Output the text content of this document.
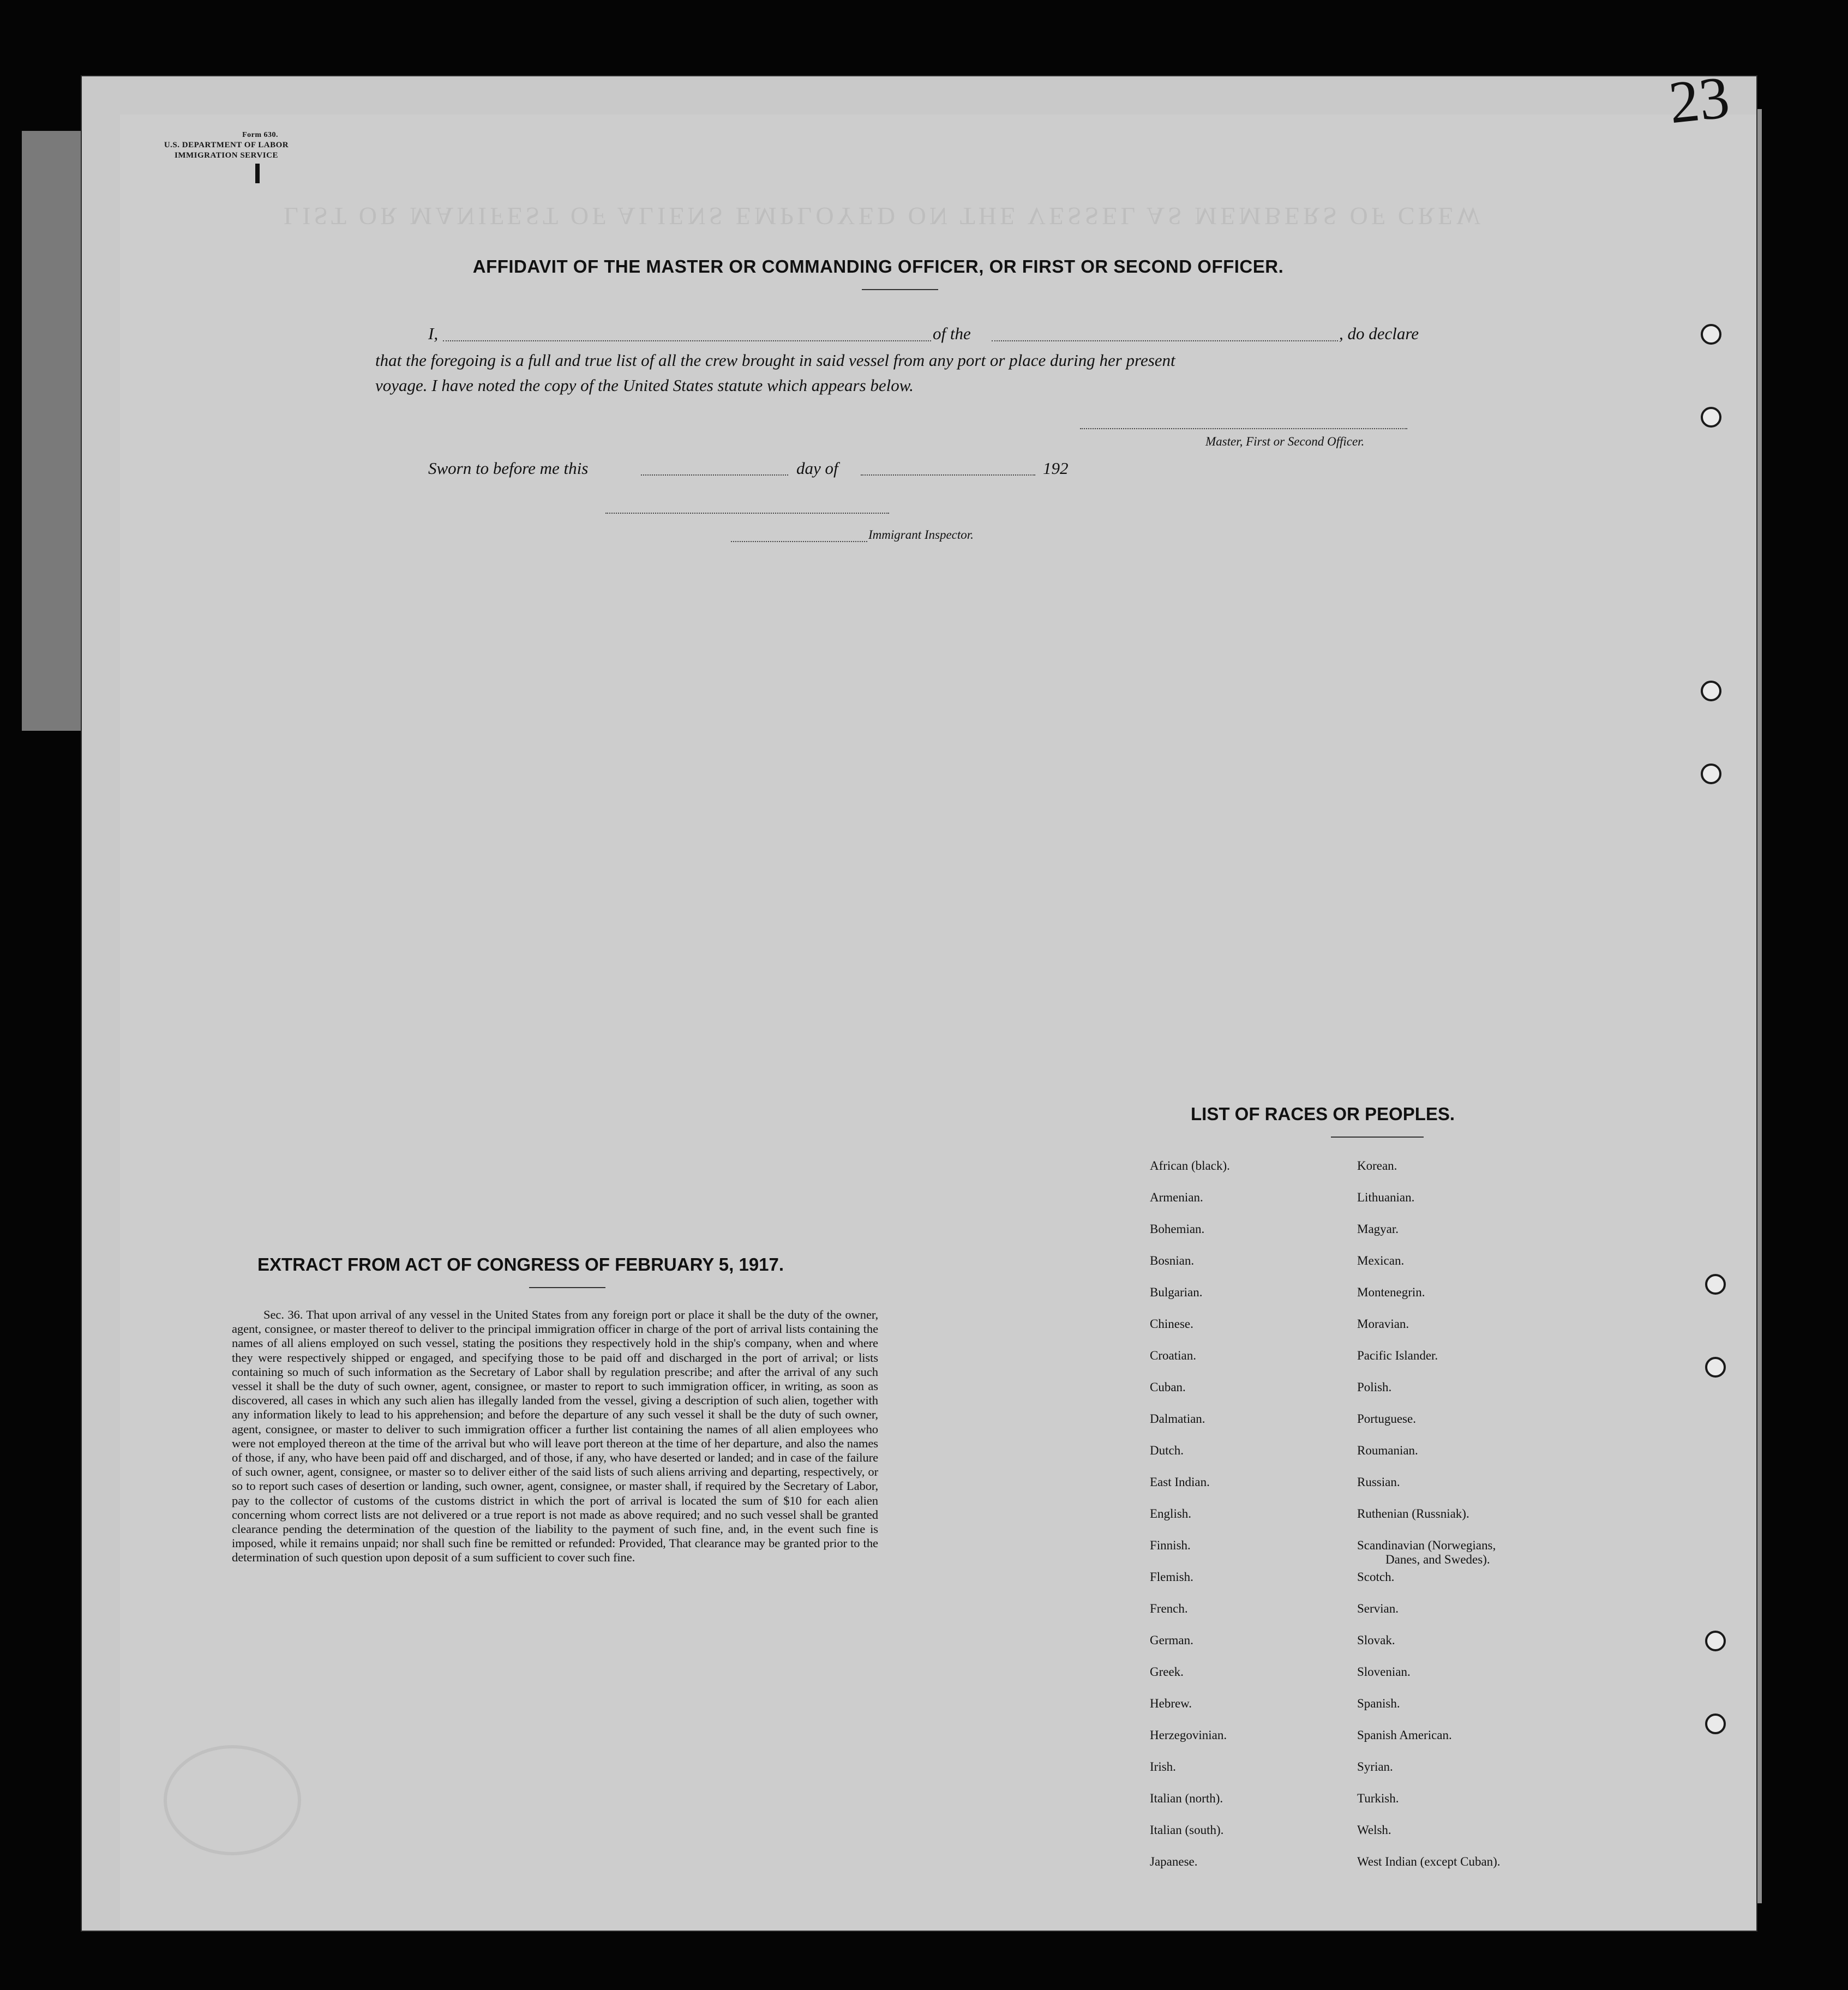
LIST OR MANIFEST OF ALIENS EMPLOYED ON THE VESSEL AS MEMBERS OF CREW
Form 630.
U.S. DEPARTMENT OF LABOR
IMMIGRATION SERVICE
23
AFFIDAVIT OF THE MASTER OR COMMANDING OFFICER, OR FIRST OR SECOND OFFICER.
I,	of the	, do declare
that the foregoing is a full and true list of all the crew brought in said vessel from any port or place during her present
voyage. I have noted the copy of the United States statute which appears below.
Master, First or Second Officer.
Sworn to before me this	day of	192
Immigrant Inspector.
EXTRACT FROM ACT OF CONGRESS OF FEBRUARY 5, 1917.
Sec. 36. That upon arrival of any vessel in the United States from any foreign port or place it shall be the duty of the owner, agent, consignee, or master thereof to deliver to the principal immigration officer in charge of the port of arrival lists containing the names of all aliens employed on such vessel, stating the positions they respectively hold in the ship's company, when and where they were respectively shipped or engaged, and specifying those to be paid off and discharged in the port of arrival; or lists containing so much of such information as the Secretary of Labor shall by regulation prescribe; and after the arrival of any such vessel it shall be the duty of such owner, agent, consignee, or master to report to such immigration officer, in writing, as soon as discovered, all cases in which any such alien has illegally landed from the vessel, giving a description of such alien, together with any information likely to lead to his apprehension; and before the departure of any such vessel it shall be the duty of such owner, agent, consignee, or master to deliver to such immigration officer a further list containing the names of all alien employees who were not employed thereon at the time of the arrival but who will leave port thereon at the time of her departure, and also the names of those, if any, who have been paid off and discharged, and of those, if any, who have deserted or landed; and in case of the failure of such owner, agent, consignee, or master so to deliver either of the said lists of such aliens arriving and departing, respectively, or so to report such cases of desertion or landing, such owner, agent, consignee, or master shall, if required by the Secretary of Labor, pay to the collector of customs of the customs district in which the port of arrival is located the sum of $10 for each alien concerning whom correct lists are not delivered or a true report is not made as above required; and no such vessel shall be granted clearance pending the determination of the question of the liability to the payment of such fine, and, in the event such fine is imposed, while it remains unpaid; nor shall such fine be remitted or refunded: Provided, That clearance may be granted prior to the determination of such question upon deposit of a sum sufficient to cover such fine.
LIST OF RACES OR PEOPLES.
African (black).
Armenian.
Bohemian.
Bosnian.
Bulgarian.
Chinese.
Croatian.
Cuban.
Dalmatian.
Dutch.
East Indian.
English.
Finnish.
Flemish.
French.
German.
Greek.
Hebrew.
Herzegovinian.
Irish.
Italian (north).
Italian (south).
Japanese.
Korean.
Lithuanian.
Magyar.
Mexican.
Montenegrin.
Moravian.
Pacific Islander.
Polish.
Portuguese.
Roumanian.
Russian.
Ruthenian (Russniak).
Scandinavian (Norwegians,
Danes, and Swedes).
Scotch.
Servian.
Slovak.
Slovenian.
Spanish.
Spanish American.
Syrian.
Turkish.
Welsh.
West Indian (except Cuban).
